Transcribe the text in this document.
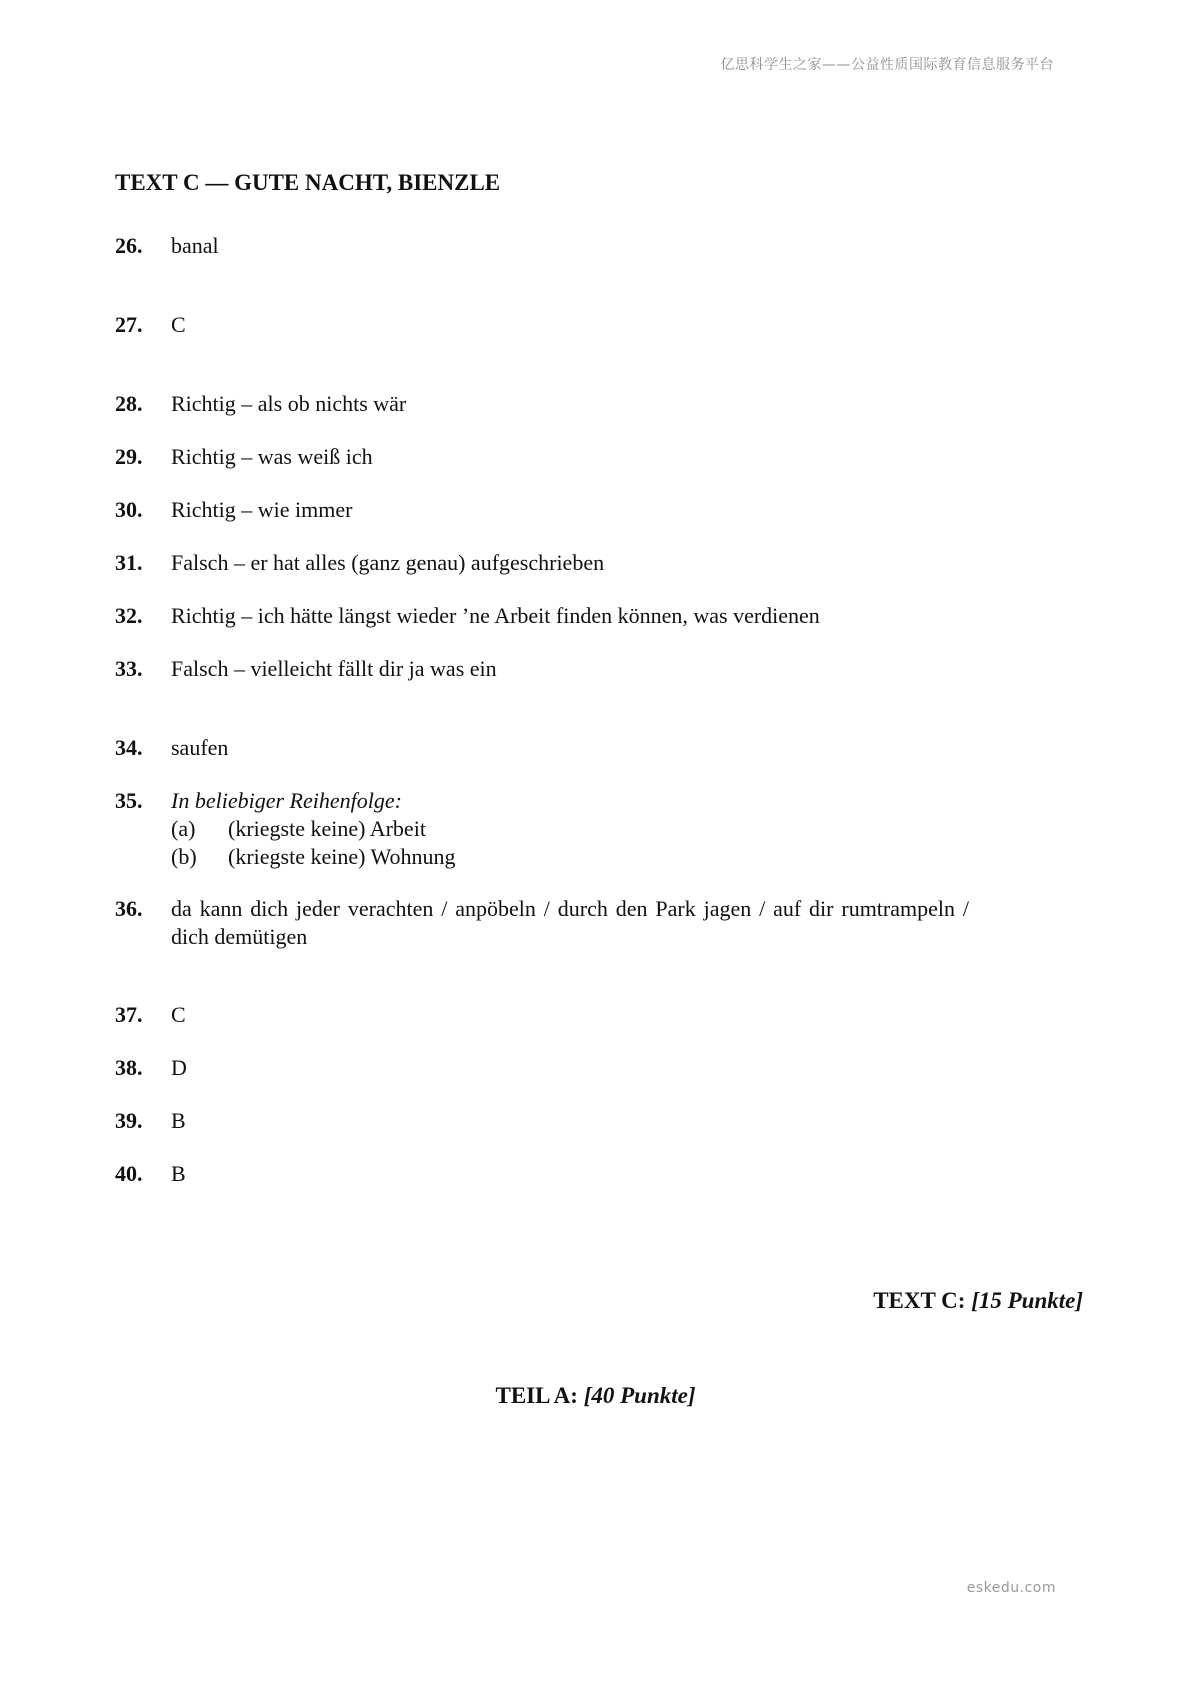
亿思科学生之家——公益性质国际教育信息服务平台
TEXT C — GUTE NACHT, BIENZLE
26.	banal
27.	C
28.	Richtig – als ob nichts wär
29.	Richtig – was weiß ich
30.	Richtig – wie immer
31.	Falsch – er hat alles (ganz genau) aufgeschrieben
32.	Richtig – ich hätte längst wieder ’ne Arbeit finden können, was verdienen
33.	Falsch – vielleicht fällt dir ja was ein
34.	saufen
35.	In beliebiger Reihenfolge:
(a) (kriegste keine) Arbeit
(b) (kriegste keine) Wohnung
36.	da kann dich jeder verachten / anpöbeln / durch den Park jagen / auf dir rumtrampeln / dich demütigen
37.	C
38.	D
39.	B
40.	B
TEXT C: [15 Punkte]
TEIL A: [40 Punkte]
eskedu.com
